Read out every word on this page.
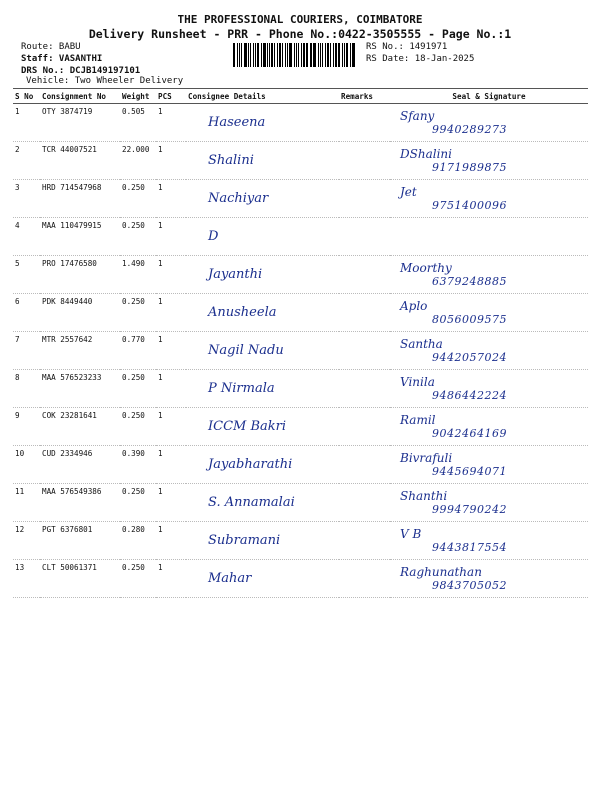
THE PROFESSIONAL COURIERS, COIMBATORE
Delivery Runsheet - PRR - Phone No.:0422-3505555 - Page No.:1
Route: BABU
Staff: VASANTHI
DRS No.: DCJB149197101
Vehicle: Two Wheeler Delivery
RS No.: 1491971
RS Date: 18-Jan-2025
S No	Consignment No	Weight	PCS	Consignee Details	Remarks	Seal & Signature
1	OTY 3874719	0.505	1	Haseena		Sfany
9940289273

2	TCR 44007521	22.000	1	Shalini		DShalini
9171989875

3	HRD 714547968	0.250	1	Nachiyar		Jet
9751400096

4	MAA 110479915	0.250	1	D		

5	PRO 17476580	1.490	1	Jayanthi		Moorthy
6379248885

6	PDK 8449440	0.250	1	Anusheela		Aplo
8056009575

7	MTR 2557642	0.770	1	Nagil Nadu		Santha
9442057024

8	MAA 576523233	0.250	1	P Nirmala		Vinila
9486442224

9	COK 23281641	0.250	1	ICCM Bakri		Ramil
9042464169

10	CUD 2334946	0.390	1	Jayabharathi		Bivrafuli
9445694071

11	MAA 576549386	0.250	1	S. Annamalai		Shanthi
9994790242

12	PGT 6376801	0.280	1	Subramani		V B
9443817554

13	CLT 50061371	0.250	1	Mahar		Raghunathan
9843705052
